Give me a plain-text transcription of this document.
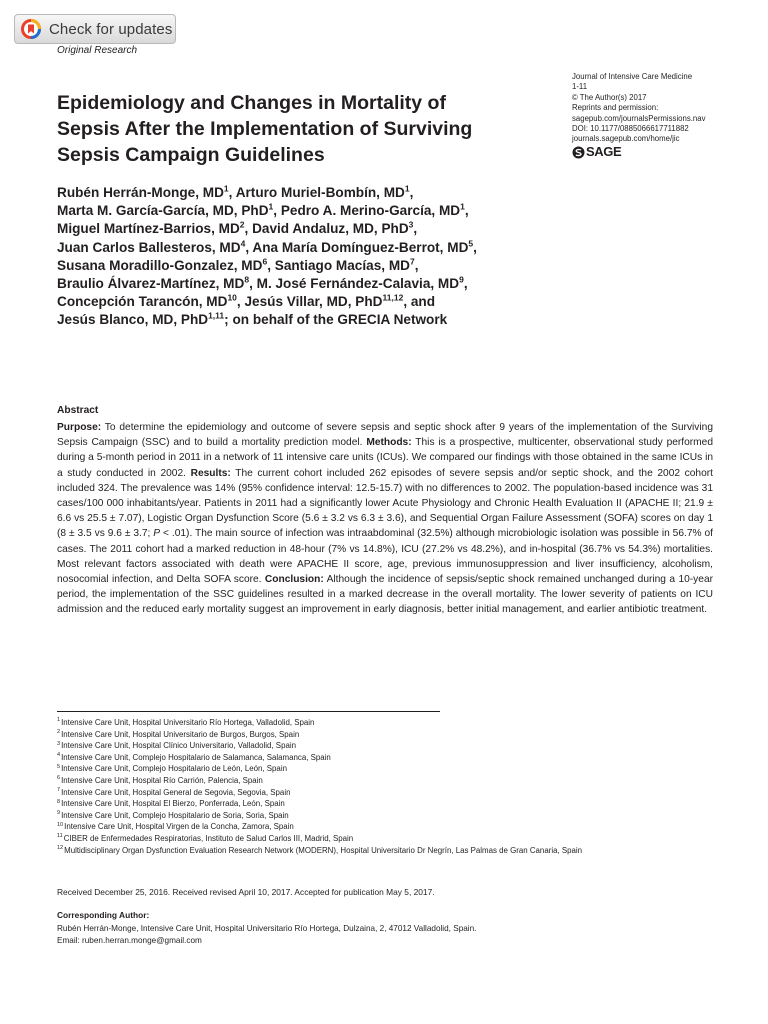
Check for updates
Original Research
Epidemiology and Changes in Mortality of Sepsis After the Implementation of Surviving Sepsis Campaign Guidelines
Journal of Intensive Care Medicine
1-11
© The Author(s) 2017
Reprints and permission:
sagepub.com/journalsPermissions.nav
DOI: 10.1177/0885066617711882
journals.sagepub.com/home/jic
SAGE
Rubén Herrán-Monge, $MD^1$, Arturo Muriel-Bombín, $MD^1$,
Marta M. García-García, MD, PhD$^1$, Pedro A. Merino-García, $MD^1$,
Miguel Martínez-Barrios, $MD^2$, David Andaluz, MD, PhD$^3$,
Juan Carlos Ballesteros, $MD^4$, Ana María Domínguez-Berrot, $MD^5$,
Susana Moradillo-Gonzalez, $MD^6$, Santiago Macías, $MD^7$,
Braulio Álvarez-Martínez, $MD^8$, M. José Fernández-Calavia, $MD^9$,
Concepción Tarancón, MD$^{10}$, Jesús Villar, MD, PhD$^{11,12}$, and
Jesús Blanco, MD, PhD$^{1,11}$; on behalf of the GRECIA Network
Abstract

Purpose: To determine the epidemiology and outcome of severe sepsis and septic shock after 9 years of the implementation of the Surviving Sepsis Campaign (SSC) and to build a mortality prediction model. Methods: This is a prospective, multicenter, observational study performed during a 5-month period in 2011 in a network of 11 intensive care units (ICUs). We compared our findings with those obtained in the same ICUs in a study conducted in 2002. Results: The current cohort included 262 episodes of severe sepsis and/or septic shock, and the 2002 cohort included 324. The prevalence was 14% (95% confidence interval: 12.5-15.7) with no differences to 2002. The population-based incidence was 31 cases/100 000 inhabitants/year. Patients in 2011 had a significantly lower Acute Physiology and Chronic Health Evaluation II (APACHE II; 21.9 ± 6.6 vs 25.5 ± 7.07), Logistic Organ Dysfunction Score (5.6 ± 3.2 vs 6.3 ± 3.6), and Sequential Organ Failure Assessment (SOFA) scores on day 1 (8 ± 3.5 vs 9.6 ± 3.7; P < .01). The main source of infection was intraabdominal (32.5%) although microbiologic isolation was possible in 56.7% of cases. The 2011 cohort had a marked reduction in 48-hour (7% vs 14.8%), ICU (27.2% vs 48.2%), and in-hospital (36.7% vs 54.3%) mortalities. Most relevant factors associated with death were APACHE II score, age, previous immunosuppression and liver insufficiency, alcoholism, nosocomial infection, and Delta SOFA score. Conclusion: Although the incidence of sepsis/septic shock remained unchanged during a 10-year period, the implementation of the SSC guidelines resulted in a marked decrease in the overall mortality. The lower severity of patients on ICU admission and the reduced early mortality suggest an improvement in early diagnosis, better initial management, and earlier antibiotic treatment.

$^1$Intensive Care Unit, Hospital Universitario Río Hortega, Valladolid, Spain
$^2$Intensive Care Unit, Hospital Universitario de Burgos, Burgos, Spain
$^3$Intensive Care Unit, Hospital Clínico Universitario, Valladolid, Spain
$^4$Intensive Care Unit, Complejo Hospitalario de Salamanca, Salamanca, Spain
$^5$Intensive Care Unit, Complejo Hospitalario de León, León, Spain
$^6$Intensive Care Unit, Hospital Río Carrión, Palencia, Spain
$^7$Intensive Care Unit, Hospital General de Segovia, Segovia, Spain
$^8$Intensive Care Unit, Hospital El Bierzo, Ponferrada, León, Spain
$^9$Intensive Care Unit, Complejo Hospitalario de Soria, Soria, Spain
$^{10}$Intensive Care Unit, Hospital Virgen de la Concha, Zamora, Spain
$^{11}$CIBER de Enfermedades Respiratorias, Instituto de Salud Carlos III, Madrid, Spain
$^{12}$Multidisciplinary Organ Dysfunction Evaluation Research Network (MODERN), Hospital Universitario Dr Negrín, Las Palmas de Gran Canaria, Spain
Received December 25, 2016. Received revised April 10, 2017. Accepted for publication May 5, 2017.
Corresponding Author:
Rubén Herrán-Monge, Intensive Care Unit, Hospital Universitario Río Hortega, Dulzaina, 2, 47012 Valladolid, Spain.
Email: ruben.herran.monge@gmail.com
